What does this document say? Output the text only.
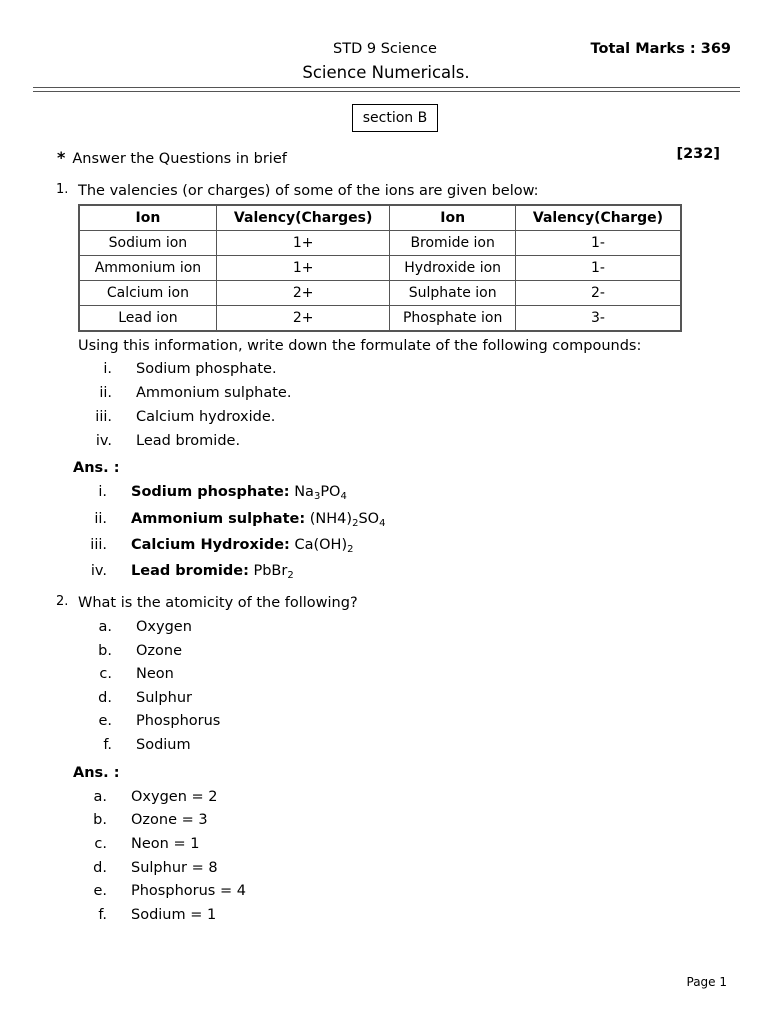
STD 9 Science	Total Marks : 369
Science Numericals.
section B
* Answer the Questions in brief	[232]
1. The valencies (or charges) of some of the ions are given below:
Ion	Valency(Charges)	Ion	Valency(Charge)
Sodium ion	1+	Bromide ion	1-
Ammonium ion	1+	Hydroxide ion	1-
Calcium ion	2+	Sulphate ion	2-
Lead ion	2+	Phosphate ion	3-
Using this information, write down the formulate of the following compounds:
i. Sodium phosphate.
ii. Ammonium sulphate.
iii. Calcium hydroxide.
iv. Lead bromide.
Ans. :
i. Sodium phosphate: $Na_3PO_4$
ii. Ammonium sulphate: $(NH4)_2SO_4$
iii. Calcium Hydroxide: $Ca(OH)_2$
iv. Lead bromide: PbBr$_2$
2. What is the atomicity of the following?
a. Oxygen
b. Ozone
c. Neon
d. Sulphur
e. Phosphorus
f. Sodium
Ans. :
a. Oxygen = 2
b. Ozone = 3
c. Neon = 1
d. Sulphur = 8
e. Phosphorus = 4
f. Sodium = 1
Page 1
